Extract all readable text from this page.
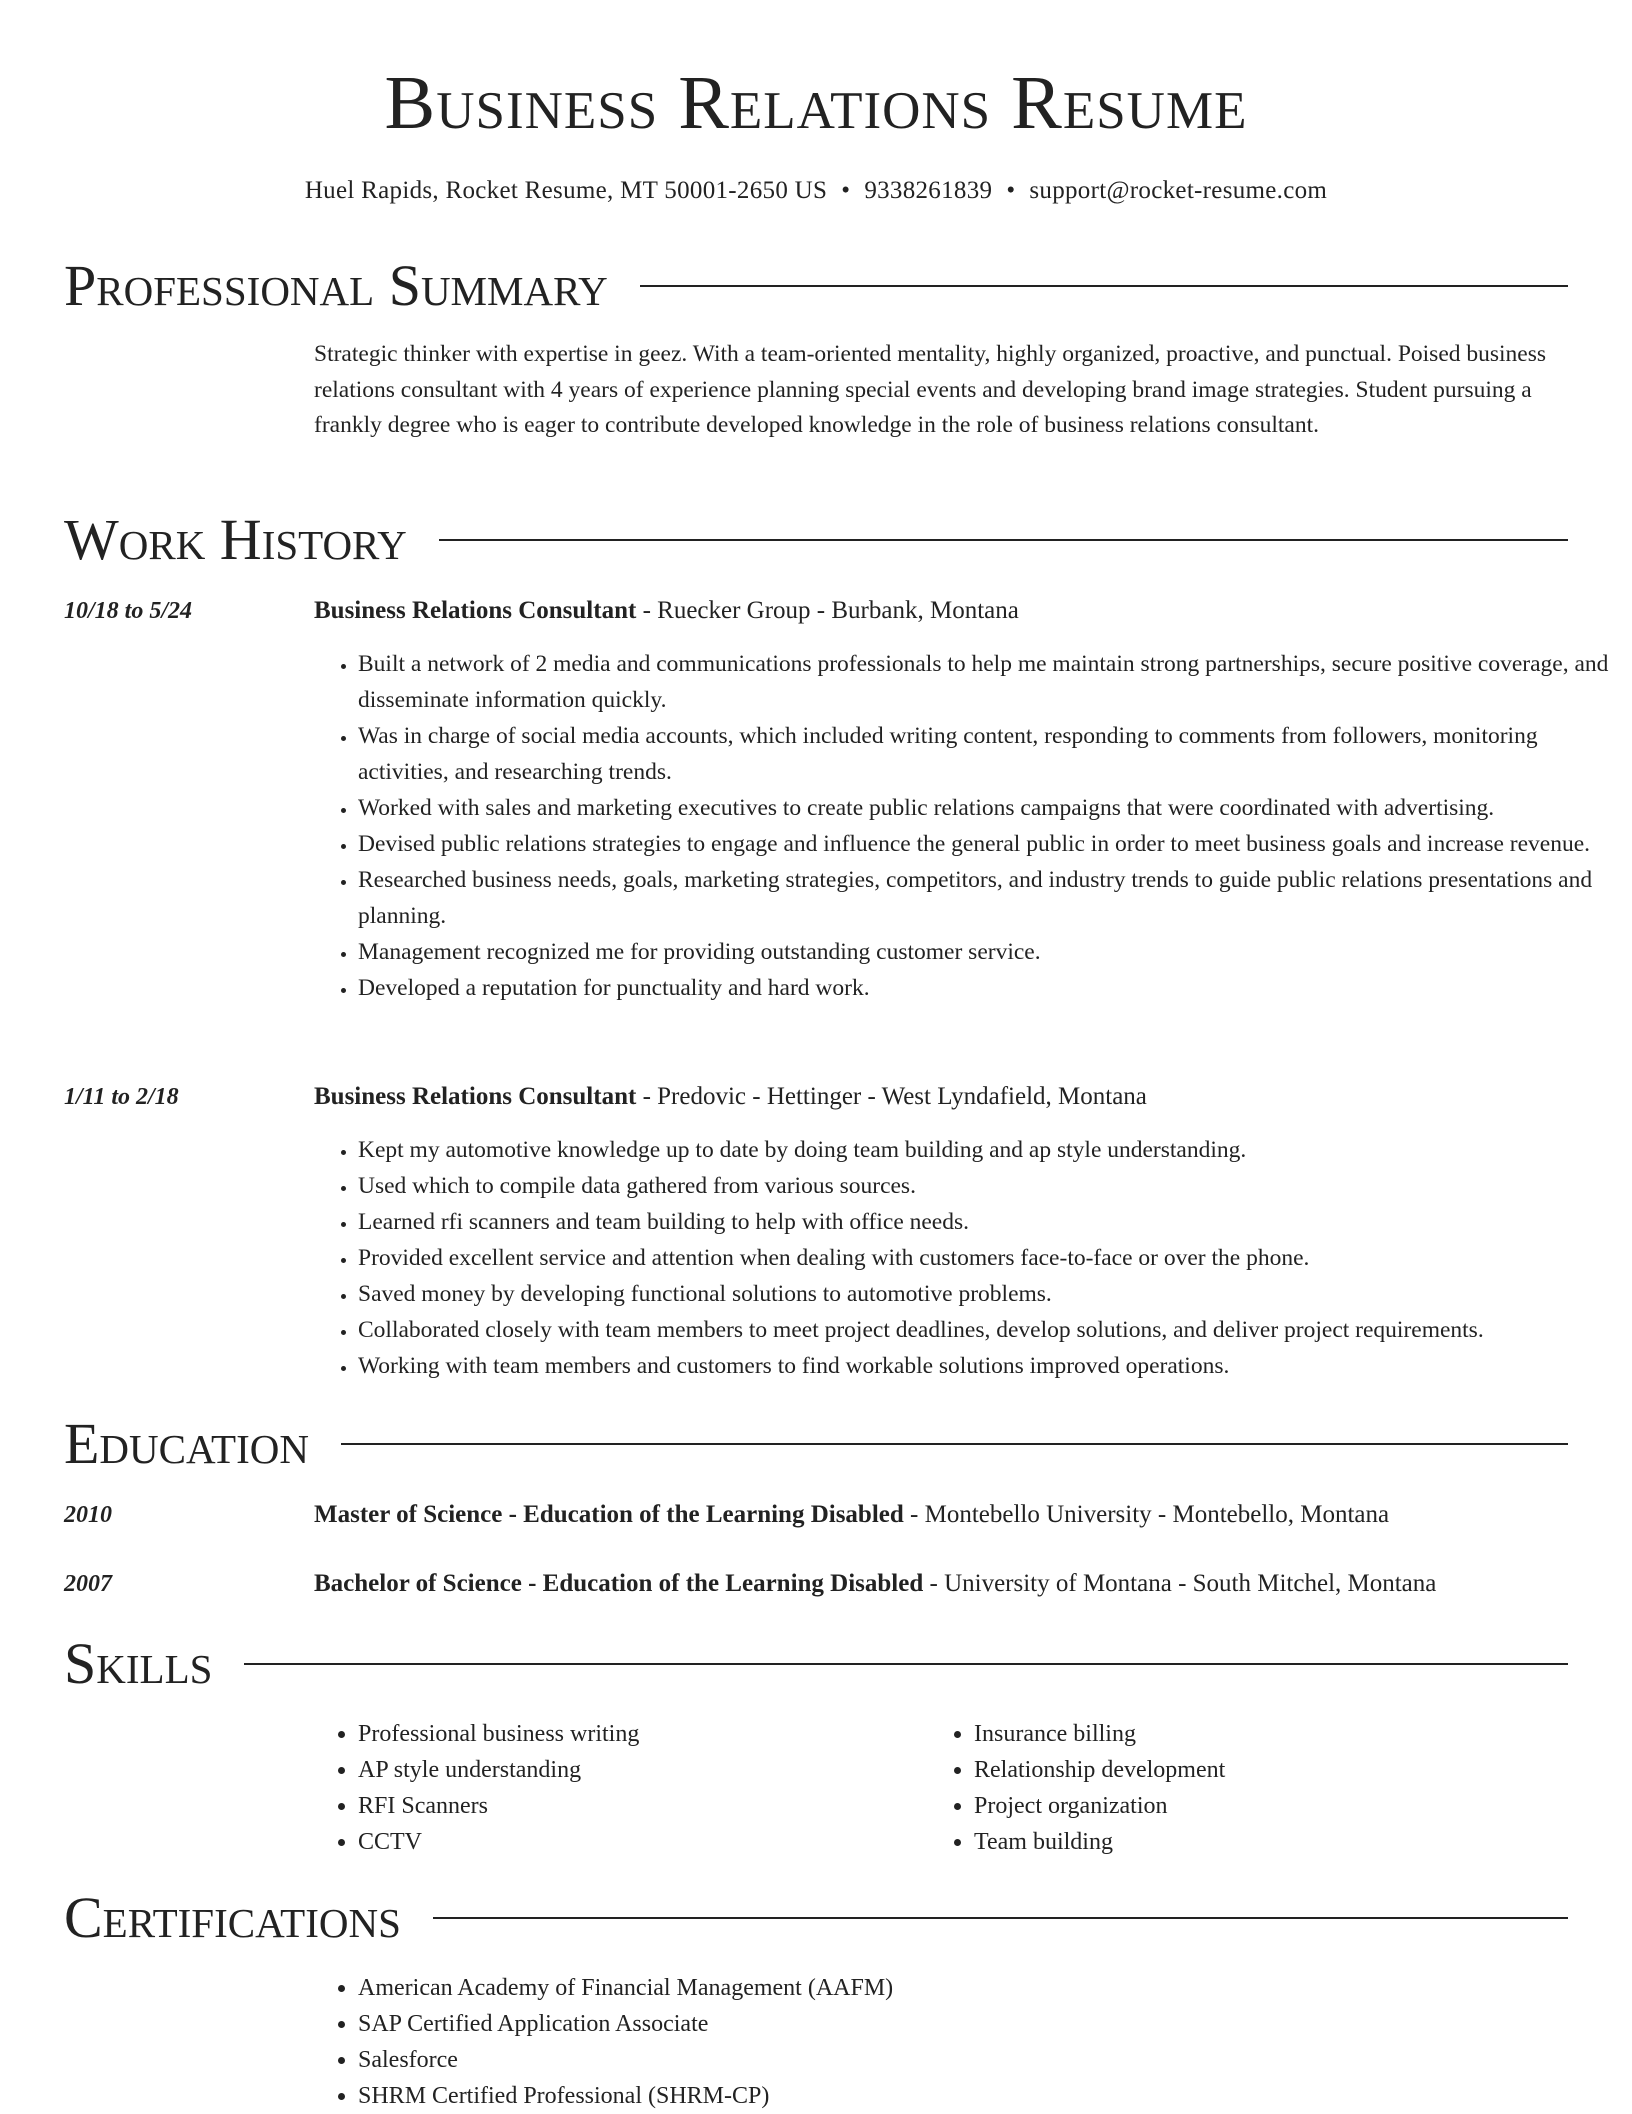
Business Relations Resume
Huel Rapids, Rocket Resume, MT 50001-2650 US • 9338261839 • support@rocket-resume.com
Professional Summary
Strategic thinker with expertise in geez. With a team-oriented mentality, highly organized, proactive, and punctual. Poised business relations consultant with 4 years of experience planning special events and developing brand image strategies. Student pursuing a frankly degree who is eager to contribute developed knowledge in the role of business relations consultant.
Work History
10/18 to 5/24	Business Relations Consultant - Ruecker Group - Burbank, Montana
• Built a network of 2 media and communications professionals to help me maintain strong partnerships, secure positive coverage, and disseminate information quickly.
• Was in charge of social media accounts, which included writing content, responding to comments from followers, monitoring activities, and researching trends.
• Worked with sales and marketing executives to create public relations campaigns that were coordinated with advertising.
• Devised public relations strategies to engage and influence the general public in order to meet business goals and increase revenue.
• Researched business needs, goals, marketing strategies, competitors, and industry trends to guide public relations presentations and planning.
• Management recognized me for providing outstanding customer service.
• Developed a reputation for punctuality and hard work.
1/11 to 2/18	Business Relations Consultant - Predovic - Hettinger - West Lyndafield, Montana
• Kept my automotive knowledge up to date by doing team building and ap style understanding.
• Used which to compile data gathered from various sources.
• Learned rfi scanners and team building to help with office needs.
• Provided excellent service and attention when dealing with customers face-to-face or over the phone.
• Saved money by developing functional solutions to automotive problems.
• Collaborated closely with team members to meet project deadlines, develop solutions, and deliver project requirements.
• Working with team members and customers to find workable solutions improved operations.
Education
2010	Master of Science - Education of the Learning Disabled - Montebello University - Montebello, Montana
2007	Bachelor of Science - Education of the Learning Disabled - University of Montana - South Mitchel, Montana
Skills
• Professional business writing
• AP style understanding
• RFI Scanners
• CCTV
• Insurance billing
• Relationship development
• Project organization
• Team building
Certifications
• American Academy of Financial Management (AAFM)
• SAP Certified Application Associate
• Salesforce
• SHRM Certified Professional (SHRM-CP)
